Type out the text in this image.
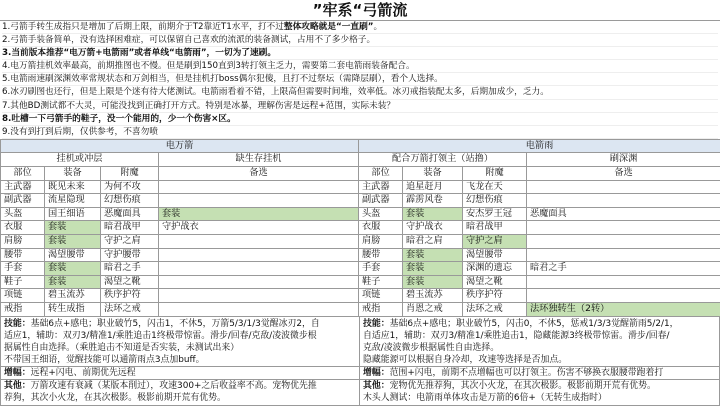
”牢系“弓箭流
1.弓箭手转生成指只是增加了后期上限，前期介于T2靠近T1水平，打不过整体攻略就是“一直刷”。
2.弓箭手装备简单，没有选择困难症，可以保留自己喜欢的流派的装备测试，占用不了多少格子。
3.当前版本推荐“电万箭+电箭雨”或者单线“电箭雨”，一切为了速刷。
4.电万箭挂机效率最高，前期推图也不慢。但是刷到150直到3转打领主乏力，需要第二套电箭雨装备配合。
5.电箭雨速刷深渊效率常规状态和万剑相当，但是挂机打boss偶尔犯傻，且打不过祭坛（需降层刷），看个人选择。
6.冰刃刷图也还行，但是上限是个迷有待大佬测试。电箭雨看着不错，上限高但需要时间堆，效率低。冰刃戒指装配太多，后期加成少，乏力。
7.其他BD测试都不大灵，可能没找到正确打开方式。特别是冰暴，理解伤害是远程+范围，实际未装？
8.吐槽一下弓箭手的鞋子，没一个能用的，少一个伤害×区。
9.没有到打到后期，仅供参考，不喜勿喷
电万箭				电箭雨			
挂机或冲层			缺生存挂机	配合万箭打领主（站撸）			刷深渊
部位	装备	附魔	备选	部位	装备	附魔	备选
主武器	既见未来	为何不攻		主武器	追星赶月	飞龙在天	
副武器	流星隐现	幻想伤痕		副武器	霹雳风卷	幻想伤痕	
头盔	国王细语	恶魔面具	套装	头盔	套装	安杰罗王冠	恶魔面具
衣服	套装	暗君战甲	守护战衣	衣服	守护战衣	暗君战甲	
肩膀	套装	守护之肩		肩膀	暗君之肩	守护之肩	
腰带	渴望腰带	守护腰带		腰带	套装	渴望腰带	
手套	套装	暗君之手		手套	套装	深渊的遗忘	暗君之手
鞋子	套装	渴望之靴		鞋子	套装	渴望之靴	
项链	碧玉流苏	秩序护符		项链	碧玉流苏	秩序护符	
戒指	转生成指	法环之戒		戒指	肖恩之戒	法环之戒	法环独转生（2转）
技能：基础6点+感电；职业破竹5，闪击1，不休5，万箭5/3/1/3觉醒冰刃2，自
适应1，辅助：双刃3/精准1/乘胜追击1终极带惊雷。滑步/回春/克敌/凌波微步根
据属性自由选择。（乘胜追击不知道是否实装，未测试出来）
不带国王细语，觉醒技能可以通箭雨点3点加buff。
增幅：远程+闪电、前期优先远程
其他：万箭攻速有衰减（某版本削过），攻速300+之后收益率不高。宠物优先推
荐狗，其次小火龙，在其次极影。极影前期开荒有优势。
技能：基础6点+感电；职业破竹5，闪击0，不休5，惩戒1/3/3觉醒箭雨5/2/1，
自适应1，辅助：双刃3/精准1/乘胜追击1，隐藏能源3终极带惊雷。滑步/回春/
克敌/凌波微步根据属性自由选择。
隐藏能源可以根据自身冷却，攻速等选择是否加点。
增幅：范围+闪电，前期不点增幅也可以打领主。伤害不够换衣服腰带跑着打
其他：宠物优先推荐狗，其次小火龙，在其次极影。极影前期开荒有优势。
木头人测试：电箭雨单体攻击是万箭的6倍+（无转生成指时）
